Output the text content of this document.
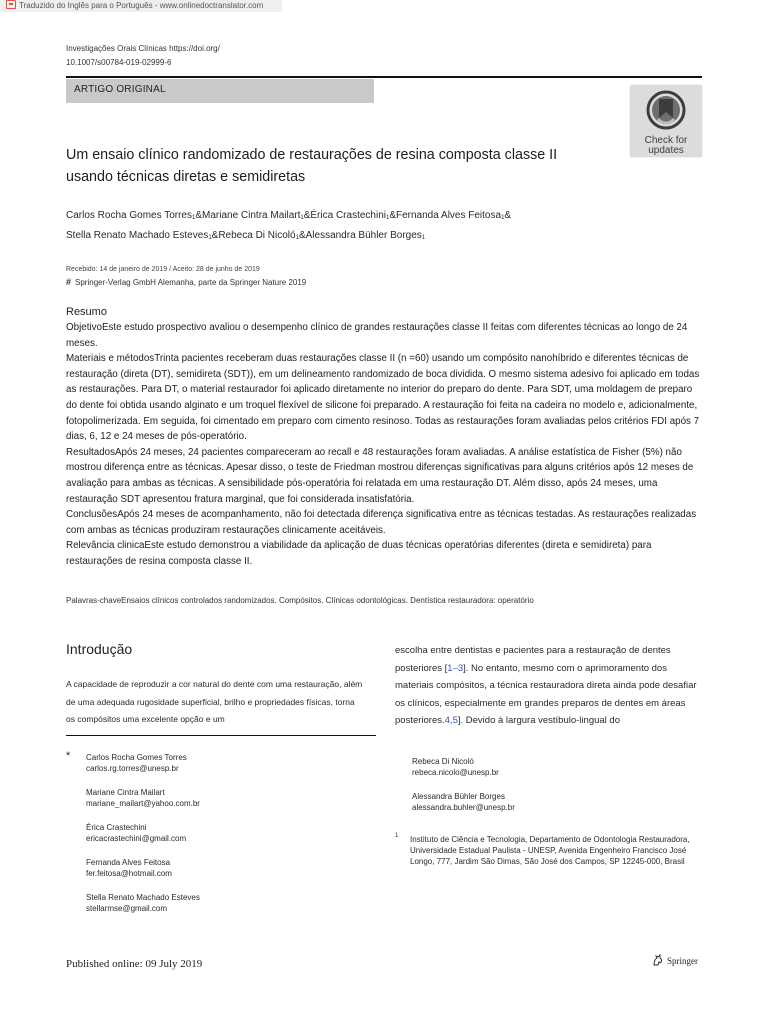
Traduzido do Inglês para o Português - www.onlinedoctranslator.com
Investigações Orais Clínicas https://doi.org/
10.1007/s00784-019-02999-6
ARTIGO ORIGINAL
Check for
updates
Um ensaio clínico randomizado de restaurações de resina composta classe II
usando técnicas diretas e semidiretas
Carlos Rocha Gomes Torres$_1$&Mariane Cintra Mailart$_1$&Érica Crastechini$_1$&Fernanda Alves Feitosa$_1$&
Stella Renato Machado Esteves$_1$&Rebeca Di Nicoló$_1$&Alessandra Bühler Borges$_1$
Recebido: 14 de janeiro de 2019 / Aceito: 28 de junho de 2019
# Springer-Verlag GmbH Alemanha, parte da Springer Nature 2019
Resumo

ObjetivoEste estudo prospectivo avaliou o desempenho clínico de grandes restaurações classe II feitas com diferentes técnicas ao longo de 24 meses.

Materiais e métodosTrinta pacientes receberam duas restaurações classe II (n =60) usando um compósito nanohíbrido e diferentes técnicas de restauração (direta (DT), semidireta (SDT)), em um delineamento randomizado de boca dividida. O mesmo sistema adesivo foi aplicado em todas as restaurações. Para DT, o material restaurador foi aplicado diretamente no interior do preparo do dente. Para SDT, uma moldagem de preparo do dente foi obtida usando alginato e um troquel flexível de silicone foi preparado. A restauração foi feita na cadeira no modelo e, adicionalmente, fotopolimerizada. Em seguida, foi cimentado em preparo com cimento resinoso. Todas as restaurações foram avaliadas pelos critérios FDI após 7 dias, 6, 12 e 24 meses de pós-operatório.

ResultadosApós 24 meses, 24 pacientes compareceram ao recall e 48 restaurações foram avaliadas. A análise estatística de Fisher (5%) não mostrou diferença entre as técnicas. Apesar disso, o teste de Friedman mostrou diferenças significativas para alguns critérios após 12 meses de avaliação para ambas as técnicas. A sensibilidade pós-operatória foi relatada em uma restauração DT. Além disso, após 24 meses, uma restauração SDT apresentou fratura marginal, que foi considerada insatisfatória.

ConclusõesApós 24 meses de acompanhamento, não foi detectada diferença significativa entre as técnicas testadas. As restaurações realizadas com ambas as técnicas produziram restaurações clinicamente aceitáveis.

Relevância clinicaEste estudo demonstrou a viabilidade da aplicação de duas técnicas operatórias diferentes (direta e semidireta) para restaurações de resina composta classe II.

Palavras-chaveEnsaios clínicos controlados randomizados. Compósitos. Clínicas odontológicas. Dentística restauradora: operatório
Introdução
A capacidade de reproduzir a cor natural do dente com uma restauração, além de uma adequada rugosidade superficial, brilho e propriedades físicas, torna os compósitos uma excelente opção e um
escolha entre dentistas e pacientes para a restauração de dentes posteriores [1–3]. No entanto, mesmo com o aprimoramento dos materiais compósitos, a técnica restauradora direta ainda pode desafiar os clínicos, especialmente em grandes preparos de dentes em áreas posteriores.4,5]. Devido à largura vestíbulo-lingual do
* Carlos Rocha Gomes Torres
carlos.rg.torres@unesp.br
Mariane Cintra Mailart
mariane_mailart@yahoo.com.br
Érica Crastechini
ericacrastechini@gmail.com
Fernanda Alves Feitosa
fer.feitosa@hotmail.com
Stella Renato Machado Esteves
stellarmse@gmail.com
Rebeca Di Nicoló
rebeca.nicolo@unesp.br
Alessandra Bühler Borges
alessandra.buhler@unesp.br
1 Instituto de Ciência e Tecnologia, Departamento de Odontologia Restauradora, Universidade Estadual Paulista - UNESP, Avenida Engenheiro Francisco José Longo, 777, Jardim São Dimas, São José dos Campos, SP 12245-000, Brasil
Published online: 09 July 2019	Springer
